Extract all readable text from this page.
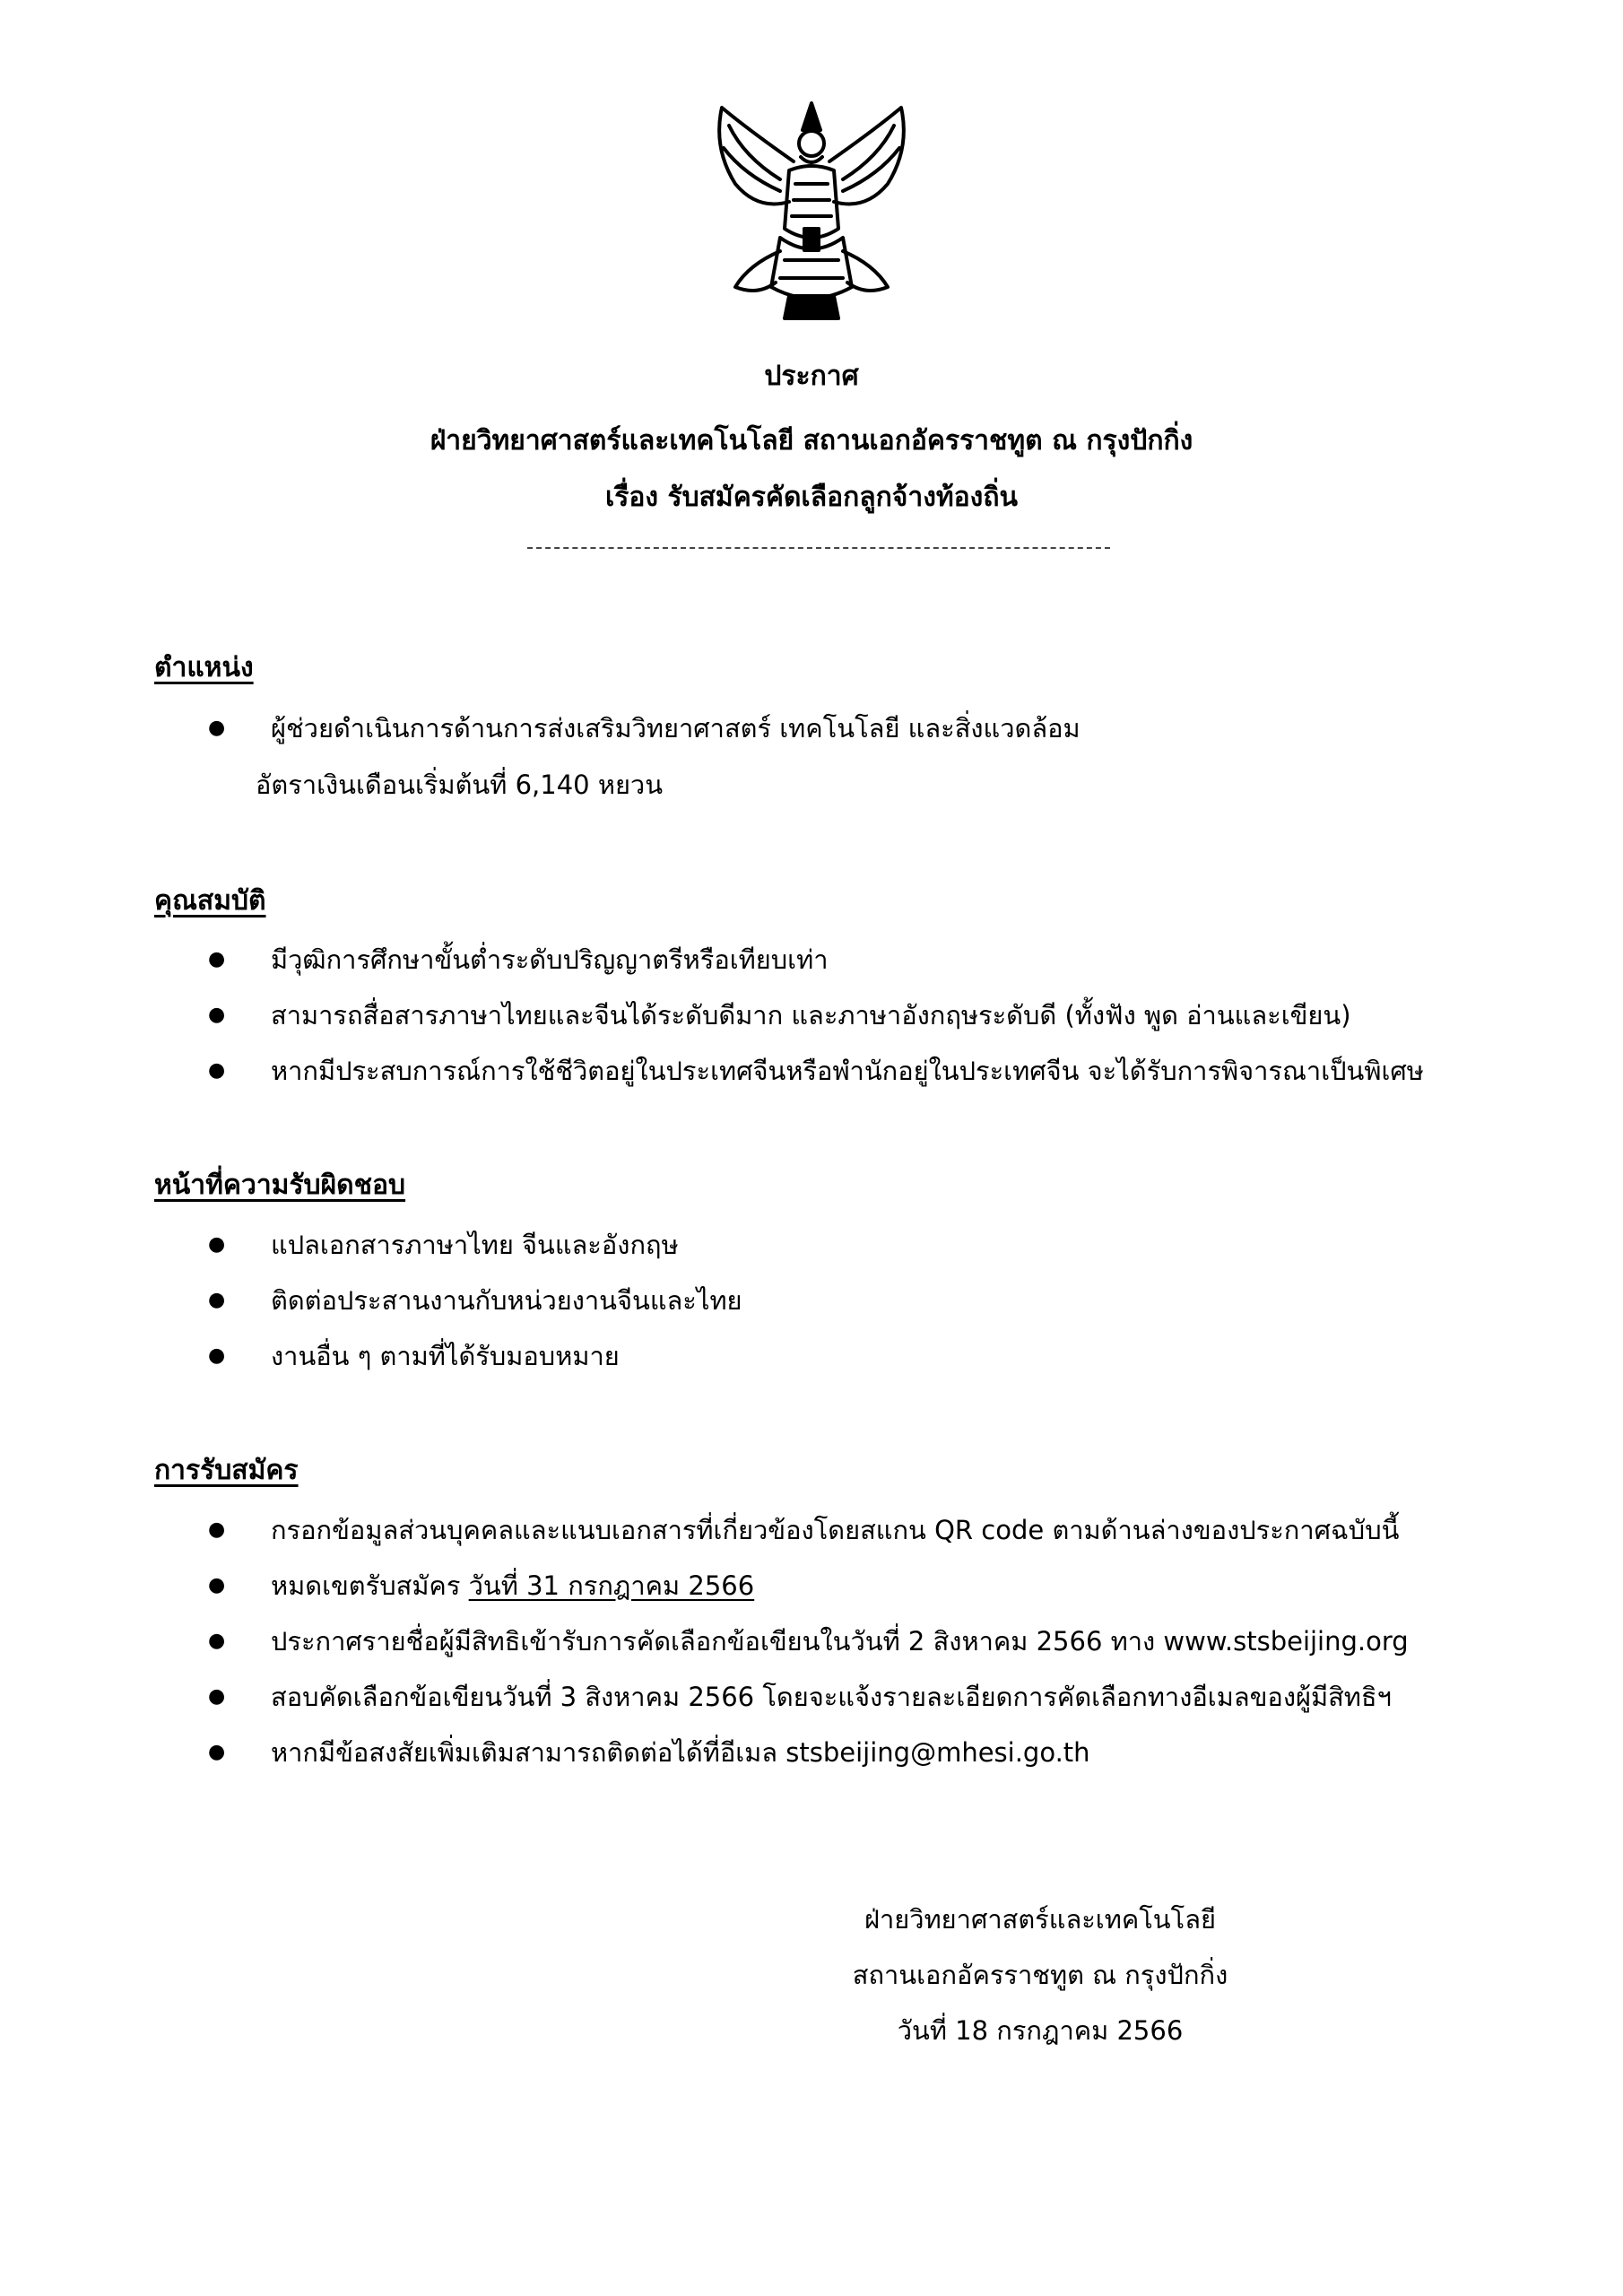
ประกาศ
ฝ่ายวิทยาศาสตร์และเทคโนโลยี สถานเอกอัครราชทูต ณ กรุงปักกิ่ง
เรื่อง รับสมัครคัดเลือกลูกจ้างท้องถิ่น
ตำแหน่ง
● ผู้ช่วยดำเนินการด้านการส่งเสริมวิทยาศาสตร์ เทคโนโลยี และสิ่งแวดล้อม
อัตราเงินเดือนเริ่มต้นที่ 6,140 หยวน
คุณสมบัติ
● มีวุฒิการศึกษาขั้นต่ำระดับปริญญาตรีหรือเทียบเท่า
● สามารถสื่อสารภาษาไทยและจีนได้ระดับดีมาก และภาษาอังกฤษระดับดี (ทั้งฟัง พูด อ่านและเขียน)
● หากมีประสบการณ์การใช้ชีวิตอยู่ในประเทศจีนหรือพำนักอยู่ในประเทศจีน จะได้รับการพิจารณาเป็นพิเศษ
หน้าที่ความรับผิดชอบ
● แปลเอกสารภาษาไทย จีนและอังกฤษ
● ติดต่อประสานงานกับหน่วยงานจีนและไทย
● งานอื่น ๆ ตามที่ได้รับมอบหมาย
การรับสมัคร
● กรอกข้อมูลส่วนบุคคลและแนบเอกสารที่เกี่ยวข้องโดยสแกน QR code ตามด้านล่างของประกาศฉบับนี้
● หมดเขตรับสมัคร วันที่ 31 กรกฎาคม 2566
● ประกาศรายชื่อผู้มีสิทธิเข้ารับการคัดเลือกข้อเขียนในวันที่ 2 สิงหาคม 2566 ทาง www.stsbeijing.org
● สอบคัดเลือกข้อเขียนวันที่ 3 สิงหาคม 2566 โดยจะแจ้งรายละเอียดการคัดเลือกทางอีเมลของผู้มีสิทธิฯ
● หากมีข้อสงสัยเพิ่มเติมสามารถติดต่อได้ที่อีเมล stsbeijing@mhesi.go.th
ฝ่ายวิทยาศาสตร์และเทคโนโลยี
สถานเอกอัครราชทูต ณ กรุงปักกิ่ง
วันที่ 18 กรกฎาคม 2566
